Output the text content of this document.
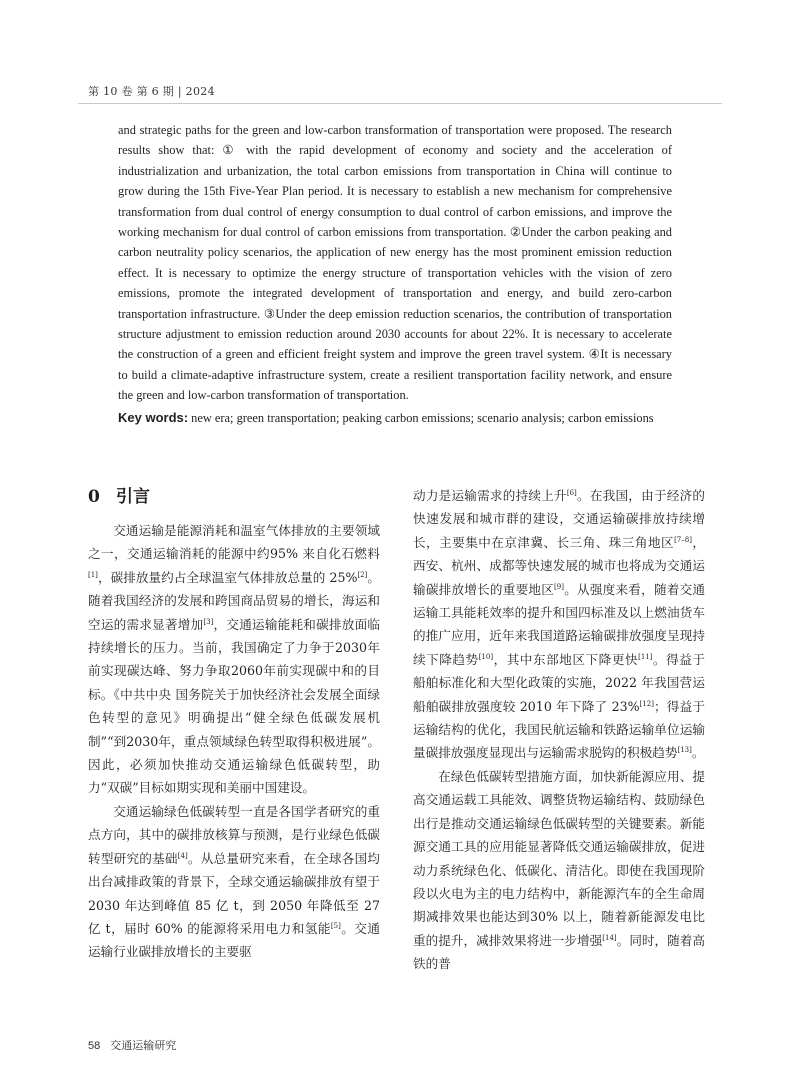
第 10 卷 第 6 期 | 2024

and strategic paths for the green and low-carbon transformation of transportation were proposed. The research results show that: ① with the rapid development of economy and society and the acceleration of industrialization and urbanization, the total carbon emissions from transportation in China will continue to grow during the 15th Five-Year Plan period. It is necessary to establish a new mechanism for comprehensive transformation from dual control of energy consumption to dual control of carbon emissions, and improve the working mechanism for dual control of carbon emissions from transportation. ②Under the carbon peaking and carbon neutrality policy scenarios, the application of new energy has the most prominent emission reduction effect. It is necessary to optimize the energy structure of transportation vehicles with the vision of zero emissions, promote the integrated development of transportation and energy, and build zero-carbon transportation infrastructure. ③Under the deep emission reduction scenarios, the contribution of transportation structure adjustment to emission reduction around 2030 accounts for about 22%. It is necessary to accelerate the construction of a green and efficient freight system and improve the green travel system. ④It is necessary to build a climate-adaptive infrastructure system, create a resilient transportation facility network, and ensure the green and low-carbon transformation of transportation.

Key words: new era; green transportation; peaking carbon emissions; scenario analysis; carbon emissions

0 引言

交通运输是能源消耗和温室气体排放的主要领域之一，交通运输消耗的能源中约95% 来自化石燃料[1]，碳排放量约占全球温室气体排放总量的 25%[2]。随着我国经济的发展和跨国商品贸易的增长，海运和空运的需求显著增加[3]，交通运输能耗和碳排放面临持续增长的压力。当前，我国确定了力争于2030年前实现碳达峰、努力争取2060年前实现碳中和的目标。《中共中央 国务院关于加快经济社会发展全面绿色转型的意见》明确提出“健全绿色低碳发展机制”“到2030年，重点领域绿色转型取得积极进展”。因此，必须加快推动交通运输绿色低碳转型，助力“双碳”目标如期实现和美丽中国建设。

交通运输绿色低碳转型一直是各国学者研究的重点方向，其中的碳排放核算与预测，是行业绿色低碳转型研究的基础[4]。从总量研究来看，在全球各国均出台减排政策的背景下，全球交通运输碳排放有望于 2030 年达到峰值 85 亿 t，到 2050 年降低至 27 亿 t，届时 60% 的能源将采用电力和氢能[5]。交通运输行业碳排放增长的主要驱

动力是运输需求的持续上升[6]。在我国，由于经济的快速发展和城市群的建设，交通运输碳排放持续增长，主要集中在京津冀、长三角、珠三角地区[7–8]，西安、杭州、成都等快速发展的城市也将成为交通运输碳排放增长的重要地区[9]。从强度来看，随着交通运输工具能耗效率的提升和国四标准及以上燃油货车的推广应用，近年来我国道路运输碳排放强度呈现持续下降趋势[10]，其中东部地区下降更快[11]。得益于船舶标准化和大型化政策的实施，2022 年我国营运船舶碳排放强度较 2010 年下降了 23%[12]；得益于运输结构的优化，我国民航运输和铁路运输单位运输量碳排放强度显现出与运输需求脱钩的积极趋势[13]。

在绿色低碳转型措施方面，加快新能源应用、提高交通运载工具能效、调整货物运输结构、鼓励绿色出行是推动交通运输绿色低碳转型的关键要素。新能源交通工具的应用能显著降低交通运输碳排放，促进动力系统绿色化、低碳化、清洁化。即使在我国现阶段以火电为主的电力结构中，新能源汽车的全生命周期减排效果也能达到30% 以上，随着新能源发电比重的提升，减排效果将进一步增强[14]。同时，随着高铁的普

58 交通运输研究
